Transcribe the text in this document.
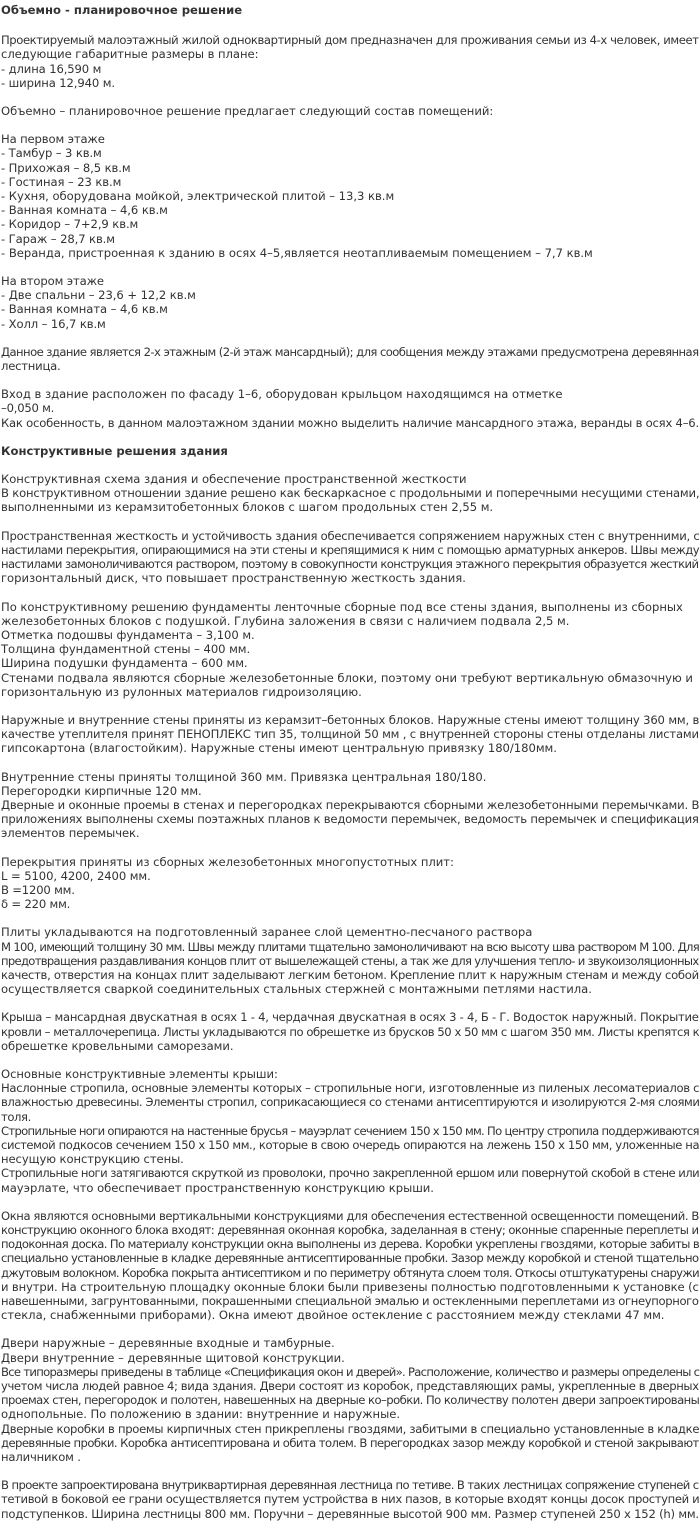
Объемно - планировочное решение
Проектируемый малоэтажный жилой одноквартирный дом предназначен для проживания семьи из 4-х человек, имеет
следующие габаритные размеры в плане:
- длина 16,590 м
- ширина 12,940 м.
Объемно – планировочное решение предлагает следующий состав помещений:
На первом этаже
- Тамбур – 3 кв.м
- Прихожая – 8,5 кв.м
- Гостиная – 23 кв.м
- Кухня, оборудована мойкой, электрической плитой – 13,3 кв.м
- Ванная комната – 4,6 кв.м
- Коридор – 7+2,9 кв.м
- Гараж – 28,7 кв.м
- Веранда, пристроенная к зданию в осях 4–5,является неотапливаемым помещением – 7,7 кв.м
На втором этаже
- Две спальни – 23,6 + 12,2 кв.м
- Ванная комната – 4,6 кв.м
- Холл – 16,7 кв.м
Данное здание является 2-х этажным (2-й этаж мансардный); для сообщения между этажами предусмотрена деревянная
лестница.
Вход в здание расположен по фасаду 1–6, оборудован крыльцом находящимся на отметке
–0,050 м.
Как особенность, в данном малоэтажном здании можно выделить наличие мансардного этажа, веранды в осях 4–6.
Конструктивные решения здания
Конструктивная схема здания и обеспечение пространственной жесткости
В конструктивном отношении здание решено как бескаркасное с продольными и поперечными несущими стенами,
выполненными из керамзитобетонных блоков с шагом продольных стен 2,55 м.
Пространственная жесткость и устойчивость здания обеспечивается сопряжением наружных стен с внутренними, с
настилами перекрытия, опирающимися на эти стены и крепящимися к ним с помощью арматурных анкеров. Швы между
настилами замоноличиваются раствором, поэтому в совокупности конструкция этажного перекрытия образуется жесткий
горизонтальный диск, что повышает пространственную жесткость здания.
По конструктивному решению фундаменты ленточные сборные под все стены здания, выполнены из сборных
железобетонных блоков с подушкой. Глубина заложения в связи с наличием подвала 2,5 м.
Отметка подошвы фундамента – 3,100 м.
Толщина фундаментной стены – 400 мм.
Ширина подушки фундамента – 600 мм.
Стенами подвала являются сборные железобетонные блоки, поэтому они требуют вертикальную обмазочную и
горизонтальную из рулонных материалов гидроизоляцию.
Наружные и внутренние стены приняты из керамзит–бетонных блоков. Наружные стены имеют толщину 360 мм, в
качестве утеплителя принят ПЕНОПЛЕКС тип 35, толщиной 50 мм , с внутренней стороны стены отделаны листами
гипсокартона (влагостойким). Наружные стены имеют центральную привязку 180/180мм.
Внутренние стены приняты толщиной 360 мм. Привязка центральная 180/180.
Перегородки кирпичные 120 мм.
Дверные и оконные проемы в стенах и перегородках перекрываются сборными железобетонными перемычками. В
приложениях выполнены схемы поэтажных планов к ведомости перемычек, ведомость перемычек и спецификация
элементов перемычек.
Перекрытия приняты из сборных железобетонных многопустотных плит:
L = 5100, 4200, 2400 мм.
B =1200 мм.
δ = 220 мм.
Плиты укладываются на подготовленный заранее слой цементно-песчаного раствора
М 100, имеющий толщину 30 мм. Швы между плитами тщательно замоноличивают на всю высоту шва раствором М 100. Для
предотвращения раздавливания концов плит от вышележащей стены, а так же для улучшения тепло- и звукоизоляционных
качеств, отверстия на концах плит заделывают легким бетоном. Крепление плит к наружным стенам и между собой
осуществляется сваркой соединительных стальных стержней с монтажными петлями настила.
Крыша – мансардная двускатная в осях 1 - 4, чердачная двускатная в осях 3 - 4, Б - Г. Водосток наружный. Покрытие
кровли – металлочерепица. Листы укладываются по обрешетке из брусков 50 х 50 мм с шагом 350 мм. Листы крепятся к
обрешетке кровельными саморезами.
Основные конструктивные элементы крыши:
Наслонные стропила, основные элементы которых – стропильные ноги, изготовленные из пиленых лесоматериалов с
влажностью древесины. Элементы стропил, соприкасающиеся со стенами антисептируются и изолируются 2-мя слоями
толя.
Стропильные ноги опираются на настенные брусья – мауэрлат сечением 150 х 150 мм. По центру стропила поддерживаются
системой подкосов сечением 150 х 150 мм., которые в свою очередь опираются на лежень 150 х 150 мм, уложенные на
несущую конструкцию стены.
Стропильные ноги затягиваются скруткой из проволоки, прочно закрепленной ершом или повернутой скобой в стене или
мауэрлате, что обеспечивает пространственную конструкцию крыши.
Окна являются основными вертикальными конструкциями для обеспечения естественной освещенности помещений. В
конструкцию оконного блока входят: деревянная оконная коробка, заделанная в стену; оконные спаренные переплеты и
подоконная доска. По материалу конструкции окна выполнены из дерева. Коробки укреплены гвоздями, которые забиты в
специально установленные в кладке деревянные антисептированные пробки. Зазор между коробкой и стеной тщательно
джутовым волокном. Коробка покрыта антисептиком и по периметру обтянута слоем толя. Откосы отштукатурены снаружи
и внутри. На строительную площадку оконные блоки были привезены полностью подготовленными к установке (с
навешенными, загрунтованными, покрашенными специальной эмалью и остекленными переплетами из огнеупорного
стекла, снабженными приборами). Окна имеют двойное остекление с расстоянием между стеклами 47 мм.
Двери наружные – деревянные входные и тамбурные.
Двери внутренние – деревянные щитовой конструкции.
Все типоразмеры приведены в таблице «Спецификация окон и дверей». Расположение, количество и размеры определены с
учетом числа людей равное 4; вида здания. Двери состоят из коробок, представляющих рамы, укрепленные в дверных
проемах стен, перегородок и полотен, навешенных на дверные ко–робки. По количеству полотен двери запроектированы
однопольные. По положению в здании: внутренние и наружные.
Дверные коробки в проемы кирпичных стен прикреплены гвоздями, забитыми в специально установленные в кладке
деревянные пробки. Коробка антисептирована и обита толем. В перегородках зазор между коробкой и стеной закрывают
наличником .
В проекте запроектирована внутриквартирная деревянная лестница по тетиве. В таких лестницах сопряжение ступеней с
тетивой в боковой ее грани осуществляется путем устройства в них пазов, в которые входят концы досок проступей и
подступенков. Ширина лестницы 800 мм. Поручни – деревянные высотой 900 мм. Размер ступеней 250 х 152 (h) мм.
